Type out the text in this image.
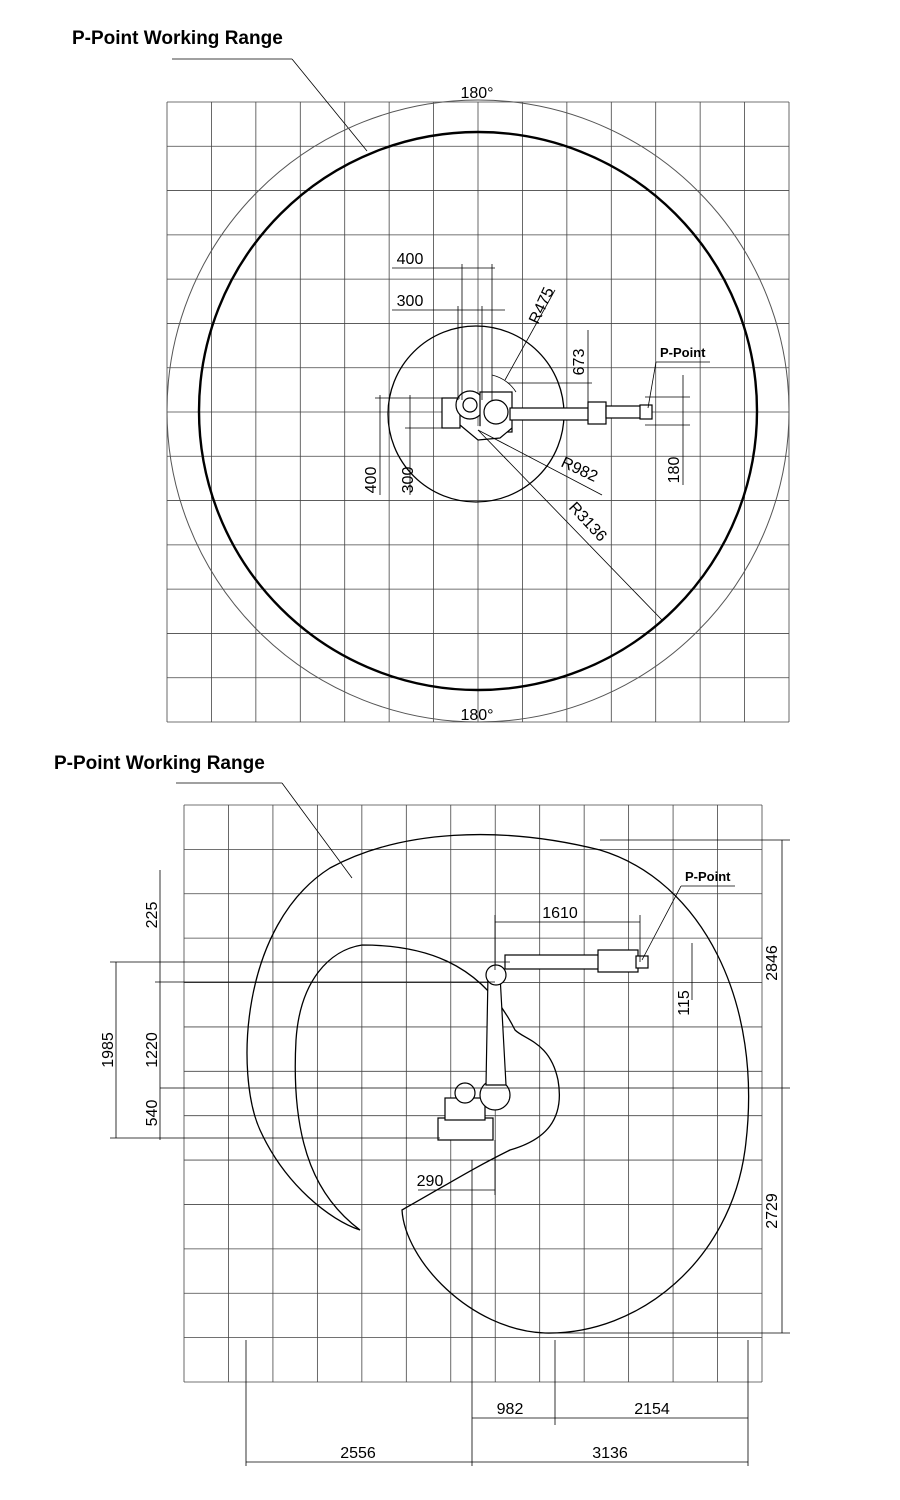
P-Point Working Range
P-Point Working Range
180°
180°
400
300	R475
673	P-Point
180
R982
R3136
400 300
1610
P-Point
115
2846
2729
225
1220
540
1985
290
982	2154
2556	3136
